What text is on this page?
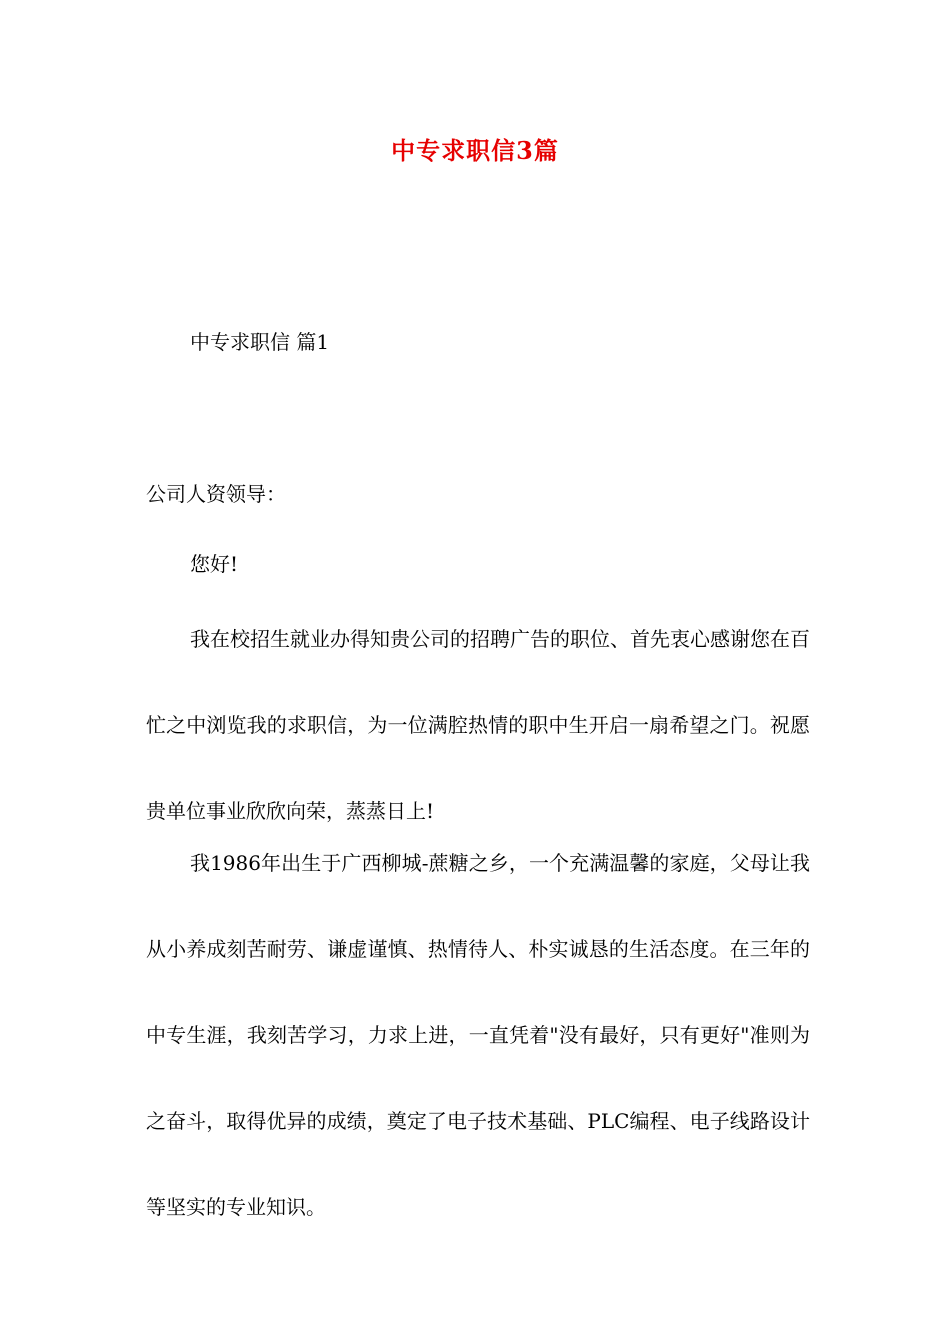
中专求职信3篇
中专求职信 篇1
公司人资领导：
您好!

我在校招生就业办得知贵公司的招聘广告的职位、首先衷心感谢您在百忙之中浏览我的求职信，为一位满腔热情的职中生开启一扇希望之门。祝愿贵单位事业欣欣向荣，蒸蒸日上!

我1986年出生于广西柳城-蔗糖之乡，一个充满温馨的家庭，父母让我从小养成刻苦耐劳、谦虚谨慎、热情待人、朴实诚恳的生活态度。在三年的中专生涯，我刻苦学习，力求上进，一直凭着"没有最好，只有更好"准则为之奋斗，取得优异的成绩，奠定了电子技术基础、PLC编程、电子线路设计等坚实的专业知识。
